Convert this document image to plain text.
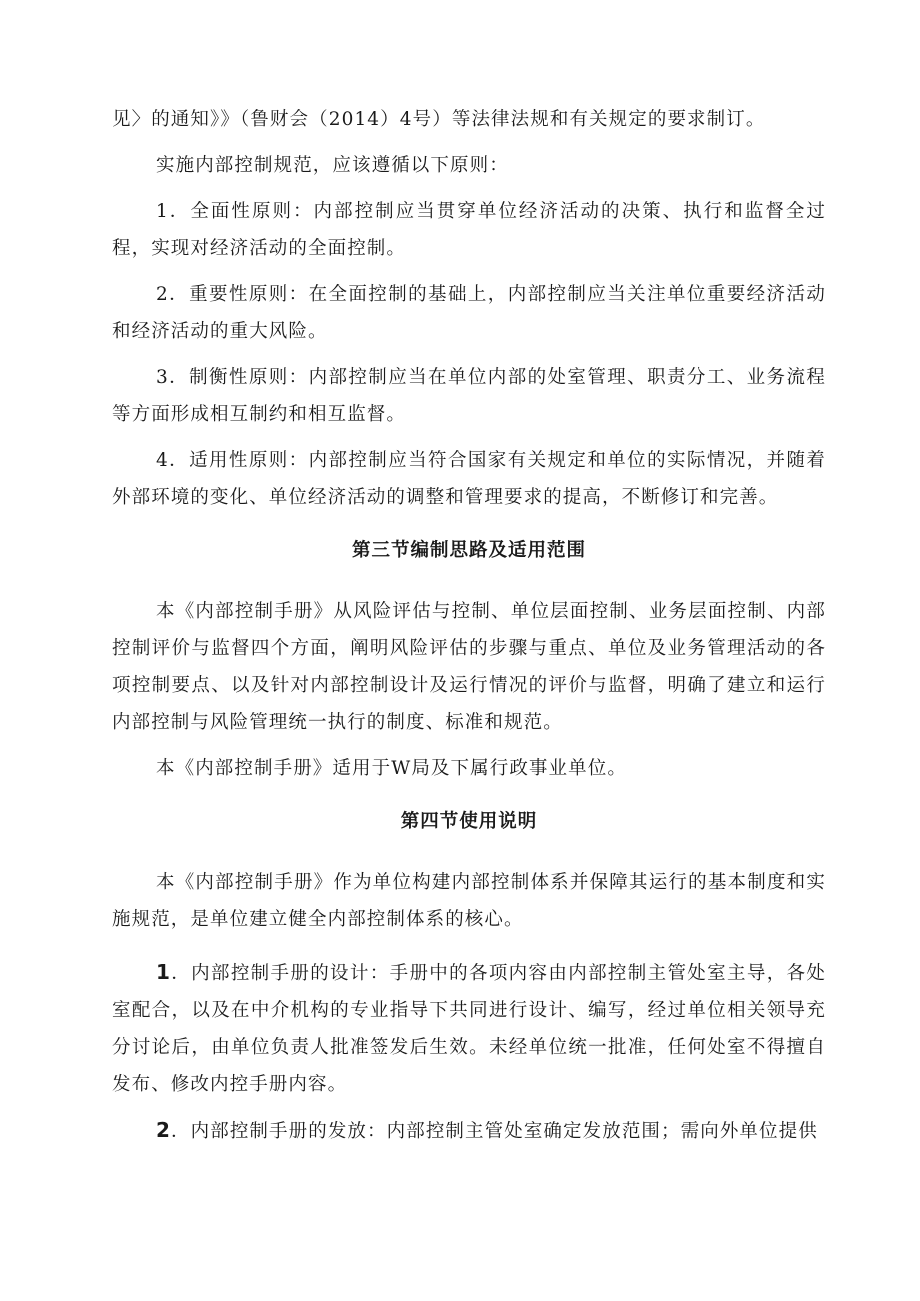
见〉的通知》》（鲁财会（2014）4号）等法律法规和有关规定的要求制订。

实施内部控制规范，应该遵循以下原则：

1．全面性原则：内部控制应当贯穿单位经济活动的决策、执行和监督全过程，实现对经济活动的全面控制。

2．重要性原则：在全面控制的基础上，内部控制应当关注单位重要经济活动和经济活动的重大风险。

3．制衡性原则：内部控制应当在单位内部的处室管理、职责分工、业务流程等方面形成相互制约和相互监督。

4．适用性原则：内部控制应当符合国家有关规定和单位的实际情况，并随着外部环境的变化、单位经济活动的调整和管理要求的提高，不断修订和完善。

第三节编制思路及适用范围

本《内部控制手册》从风险评估与控制、单位层面控制、业务层面控制、内部控制评价与监督四个方面，阐明风险评估的步骤与重点、单位及业务管理活动的各项控制要点、以及针对内部控制设计及运行情况的评价与监督，明确了建立和运行内部控制与风险管理统一执行的制度、标准和规范。

本《内部控制手册》适用于W局及下属行政事业单位。

第四节使用说明

本《内部控制手册》作为单位构建内部控制体系并保障其运行的基本制度和实施规范，是单位建立健全内部控制体系的核心。

1．内部控制手册的设计：手册中的各项内容由内部控制主管处室主导，各处室配合，以及在中介机构的专业指导下共同进行设计、编写，经过单位相关领导充分讨论后，由单位负责人批准签发后生效。未经单位统一批准，任何处室不得擅自发布、修改内控手册内容。

2．内部控制手册的发放：内部控制主管处室确定发放范围；需向外单位提供
